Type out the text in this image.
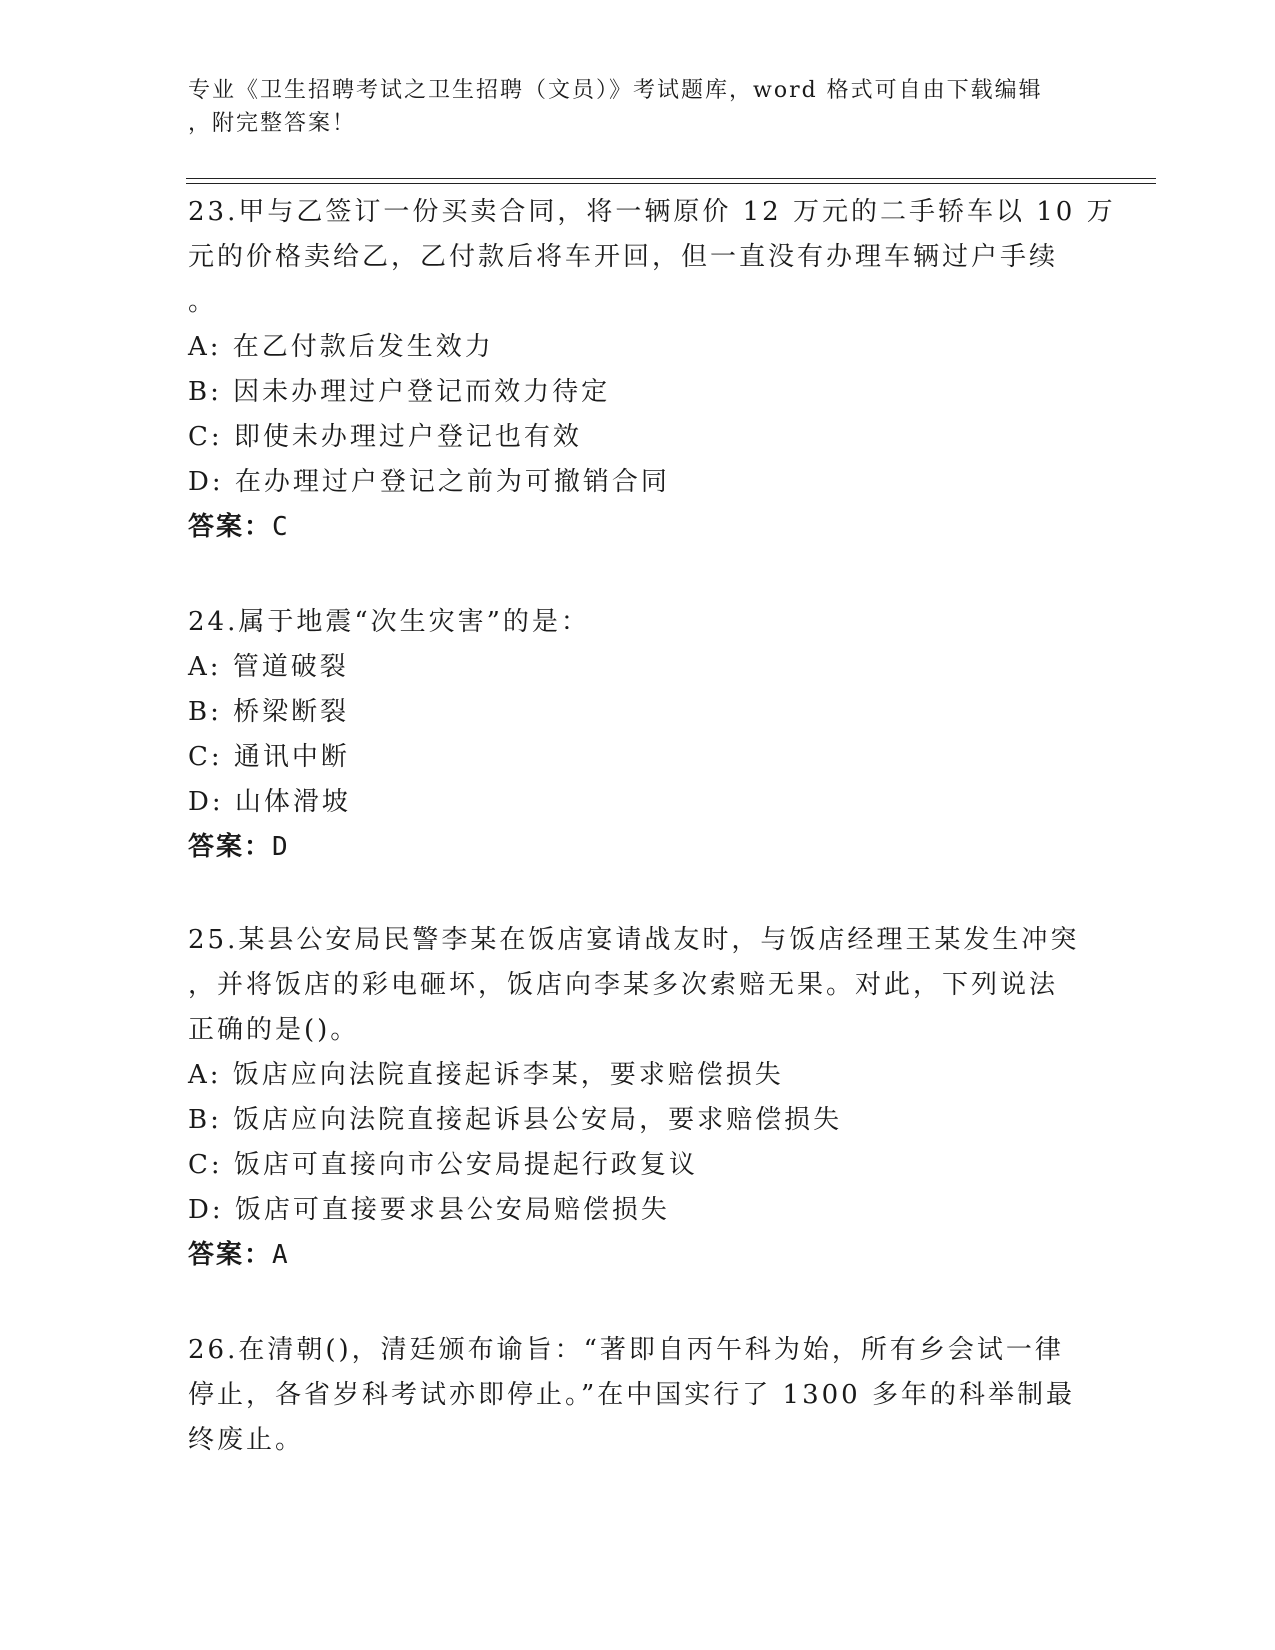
专业《卫生招聘考试之卫生招聘（文员）》考试题库，word 格式可自由下载编辑
，附完整答案！
23.甲与乙签订一份买卖合同，将一辆原价 12 万元的二手轿车以 10 万
元的价格卖给乙，乙付款后将车开回，但一直没有办理车辆过户手续
。
A: 在乙付款后发生效力
B: 因未办理过户登记而效力待定
C: 即使未办理过户登记也有效
D: 在办理过户登记之前为可撤销合同
答案：C
24.属于地震“次生灾害”的是：
A: 管道破裂
B: 桥梁断裂
C: 通讯中断
D: 山体滑坡
答案：D
25.某县公安局民警李某在饭店宴请战友时，与饭店经理王某发生冲突
，并将饭店的彩电砸坏，饭店向李某多次索赔无果。对此，下列说法
正确的是()。
A: 饭店应向法院直接起诉李某，要求赔偿损失
B: 饭店应向法院直接起诉县公安局，要求赔偿损失
C: 饭店可直接向市公安局提起行政复议
D: 饭店可直接要求县公安局赔偿损失
答案：A
26.在清朝()，清廷颁布谕旨：“著即自丙午科为始，所有乡会试一律
停止，各省岁科考试亦即停止。”在中国实行了 1300 多年的科举制最
终废止。
